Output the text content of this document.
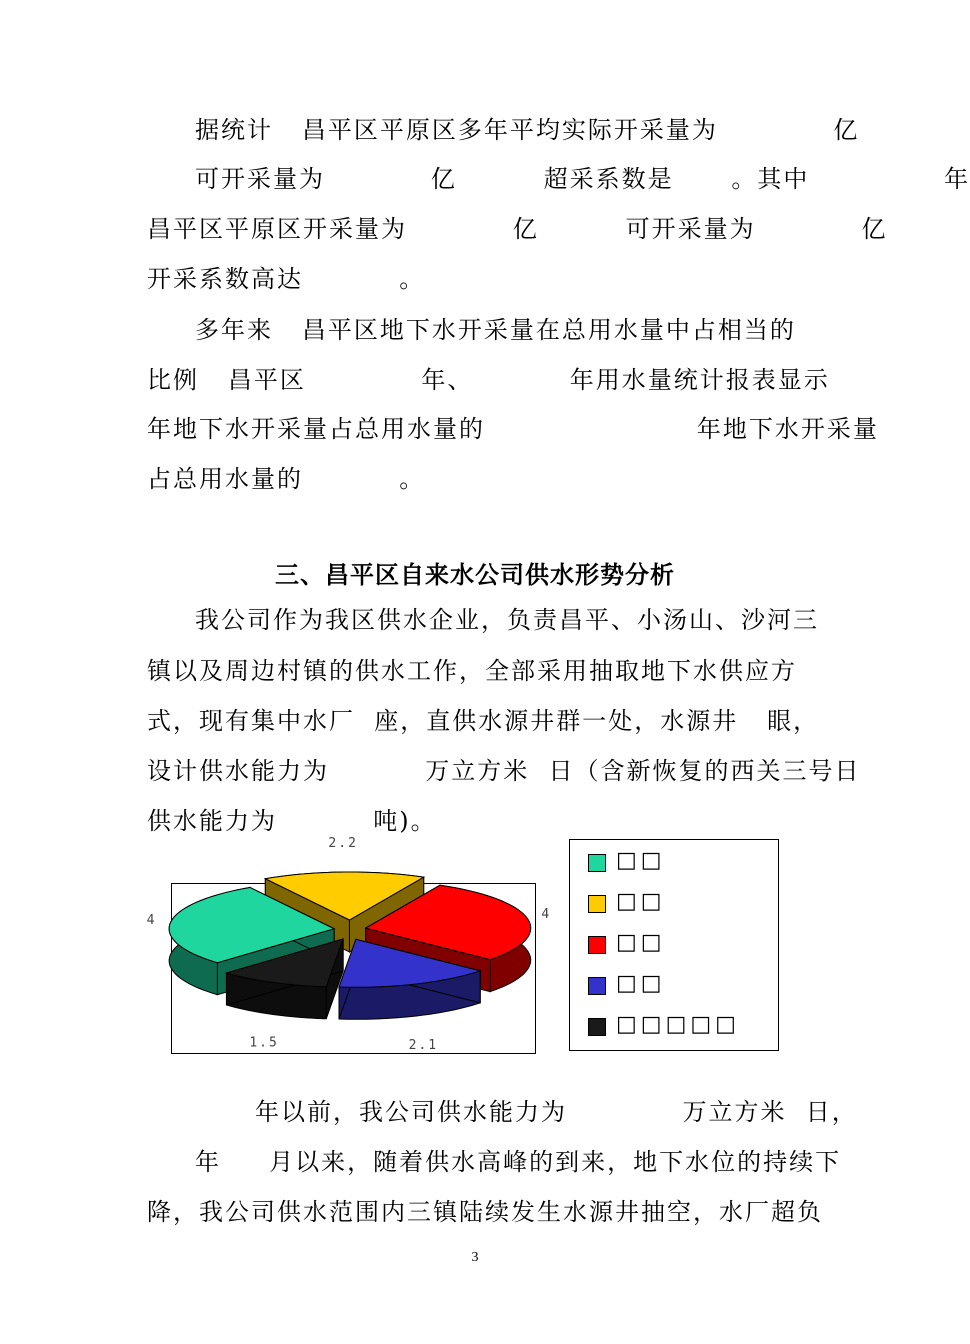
据统计   昌平区平原区多年平均实际开采量为            亿
可开采量为           亿         超采系数是      。其中              年
昌平区平原区开采量为           亿         可开采量为           亿
开采系数高达          。
多年来   昌平区地下水开采量在总用水量中占相当的
比例   昌平区            年、          年用水量统计报表显示
年地下水开采量占总用水量的                      年地下水开采量
占总用水量的          。
三、昌平区自来水公司供水形势分析
我公司作为我区供水企业，负责昌平、小汤山、沙河三
镇以及周边村镇的供水工作，全部采用抽取地下水供应方
式，现有集中水厂  座，直供水源井群一处，水源井   眼，
设计供水能力为          万立方米  日（含新恢复的西关三号日
供水能力为          吨)。
4
2.2
4
2.1
1.5
□□
□□
□□
□□
□□□□□
年以前，我公司供水能力为            万立方米  日，
年     月以来，随着供水高峰的到来，地下水位的持续下
降，我公司供水范围内三镇陆续发生水源井抽空，水厂超负
3
